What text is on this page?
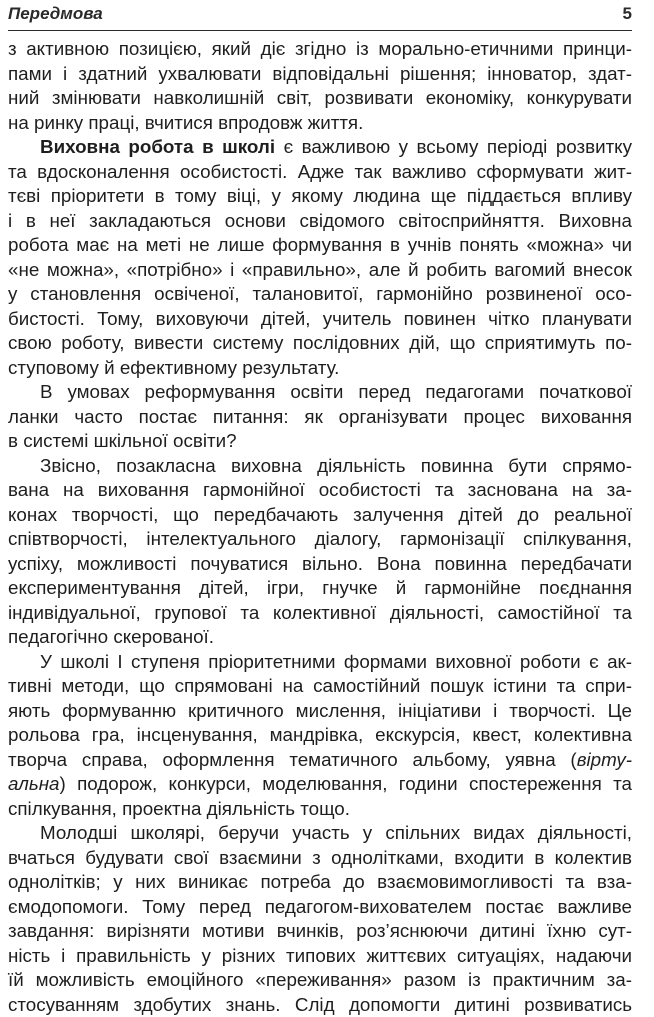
Передмова	5
з активною позицією, який діє згідно із морально-етичними принци-
пами і здатний ухвалювати відповідальні рішення; інноватор, здат-
ний змінювати навколишній світ, розвивати економіку, конкурувати
на ринку праці, вчитися впродовж життя.
Виховна робота в школі є важливою у всьому періоді розвитку
та вдосконалення особистості. Адже так важливо сформувати жит-
тєві пріоритети в тому віці, у якому людина ще піддається впливу
і в неї закладаються основи свідомого світосприйняття. Виховна
робота має на меті не лише формування в учнів понять «можна» чи
«не можна», «потрібно» і «правильно», але й робить вагомий внесок
у становлення освіченої, талановитої, гармонійно розвиненої осо-
бистості. Тому, виховуючи дітей, учитель повинен чітко планувати
свою роботу, вивести систему послідовних дій, що сприятимуть по-
ступовому й ефективному результату.
В умовах реформування освіти перед педагогами початкової
ланки часто постає питання: як організувати процес виховання
в системі шкільної освіти?
Звісно, позакласна виховна діяльність повинна бути спрямо-
вана на виховання гармонійної особистості та заснована на за-
конах творчості, що передбачають залучення дітей до реальної
співтворчості, інтелектуального діалогу, гармонізації спілкування,
успіху, можливості почуватися вільно. Вона повинна передбачати
експериментування дітей, ігри, гнучке й гармонійне поєднання
індивідуальної, групової та колективної діяльності, самостійної та
педагогічно скерованої.
У школі І ступеня пріоритетними формами виховної роботи є ак-
тивні методи, що спрямовані на самостійний пошук істини та спри-
яють формуванню критичного мислення, ініціативи і творчості. Це
рольова гра, інсценування, мандрівка, екскурсія, квест, колективна
творча справа, оформлення тематичного альбому, уявна (вірту-
альна) подорож, конкурси, моделювання, години спостереження та
спілкування, проектна діяльність тощо.
Молодші школярі, беручи участь у спільних видах діяльності,
вчаться будувати свої взаємини з однолітками, входити в колектив
однолітків; у них виникає потреба до взаємовимогливості та вза-
ємодопомоги. Тому перед педагогом-вихователем постає важливе
завдання: вирізняти мотиви вчинків, роз’яснюючи дитині їхню сут-
ність і правильність у різних типових життєвих ситуаціях, надаючи
їй можливість емоційного «переживання» разом із практичним за-
стосуванням здобутих знань. Слід допомогти дитині розвиватись
